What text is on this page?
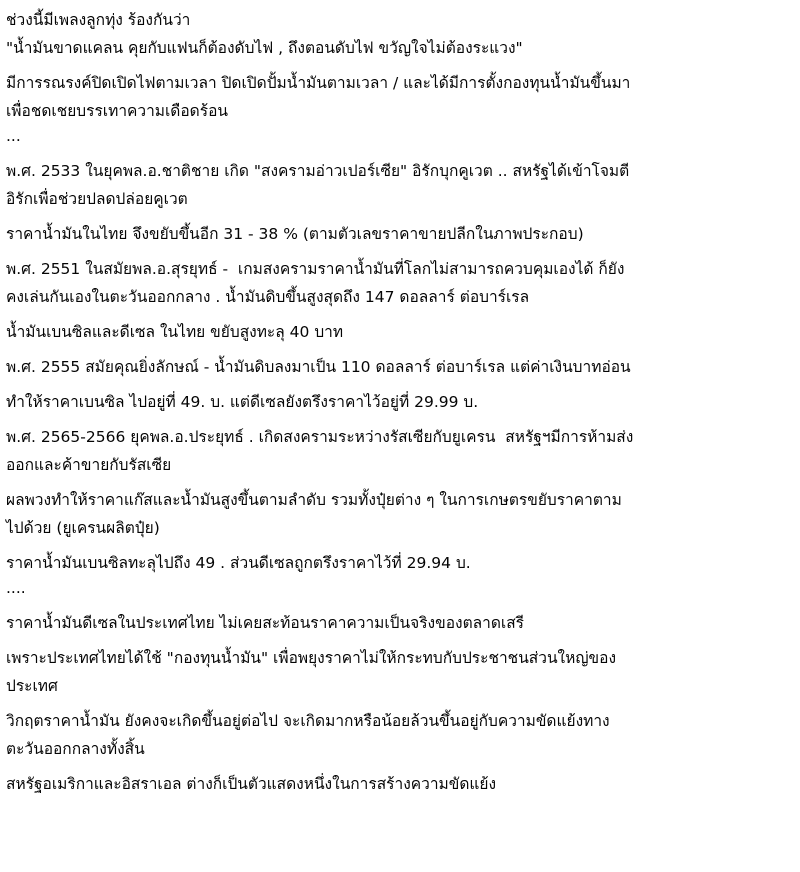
ช่วงนี้มีเพลงลูกทุ่ง ร้องกันว่า
"น้ำมันขาดแคลน คุยกับแฟนก็ต้องดับไฟ , ถึงตอนดับไฟ ขวัญใจไม่ต้องระแวง"
มีการรณรงค์ปิดเปิดไฟตามเวลา ปิดเปิดปั้มน้ำมันตามเวลา / และได้มีการตั้งกองทุนน้ำมันขึ้นมา
เพื่อชดเชยบรรเทาความเดือดร้อน
...
พ.ศ. 2533 ในยุคพล.อ.ชาติชาย เกิด "สงครามอ่าวเปอร์เซีย" อิรักบุกคูเวต .. สหรัฐได้เข้าโจมตี
อิรักเพื่อช่วยปลดปล่อยคูเวต
ราคาน้ำมันในไทย จึงขยับขึ้นอีก 31 - 38 % (ตามตัวเลขราคาขายปลีกในภาพประกอบ)
พ.ศ. 2551 ในสมัยพล.อ.สุรยุทธ์ -  เกมสงครามราคาน้ำมันที่โลกไม่สามารถควบคุมเองได้ ก็ยัง
คงเล่นกันเองในตะวันออกกลาง . น้ำมันดิบขึ้นสูงสุดถึง 147 ดอลลาร์ ต่อบาร์เรล
น้ำมันเบนซิลและดีเซล ในไทย ขยับสูงทะลุ 40 บาท
พ.ศ. 2555 สมัยคุณยิ่งลักษณ์ - น้ำมันดิบลงมาเป็น 110 ดอลลาร์ ต่อบาร์เรล แต่ค่าเงินบาทอ่อน
ทำให้ราคาเบนซิล ไปอยู่ที่ 49. บ. แต่ดีเซลยังตรึงราคาไว้อยู่ที่ 29.99 บ.
พ.ศ. 2565-2566 ยุคพล.อ.ประยุทธ์ . เกิดสงครามระหว่างรัสเซียกับยูเครน  สหรัฐฯมีการห้ามส่ง
ออกและค้าขายกับรัสเซีย
ผลพวงทำให้ราคาแก๊สและน้ำมันสูงขึ้นตามลำดับ รวมทั้งปุ๋ยต่าง ๆ ในการเกษตรขยับราคาตาม
ไปด้วย (ยูเครนผลิตปุ๋ย)
ราคาน้ำมันเบนซิลทะลุไปถึง 49 . ส่วนดีเซลถูกตรึงราคาไว้ที่ 29.94 บ.
....
ราคาน้ำมันดีเซลในประเทศไทย ไม่เคยสะท้อนราคาความเป็นจริงของตลาดเสรี
เพราะประเทศไทยได้ใช้ "กองทุนน้ำมัน" เพื่อพยุงราคาไม่ให้กระทบกับประชาชนส่วนใหญ่ของ
ประเทศ
วิกฤตราคาน้ำมัน ยังคงจะเกิดขึ้นอยู่ต่อไป จะเกิดมากหรือน้อยล้วนขึ้นอยู่กับความขัดแย้งทาง
ตะวันออกกลางทั้งสิ้น
สหรัฐอเมริกาและอิสราเอล ต่างก็เป็นตัวแสดงหนึ่งในการสร้างความขัดแย้ง
